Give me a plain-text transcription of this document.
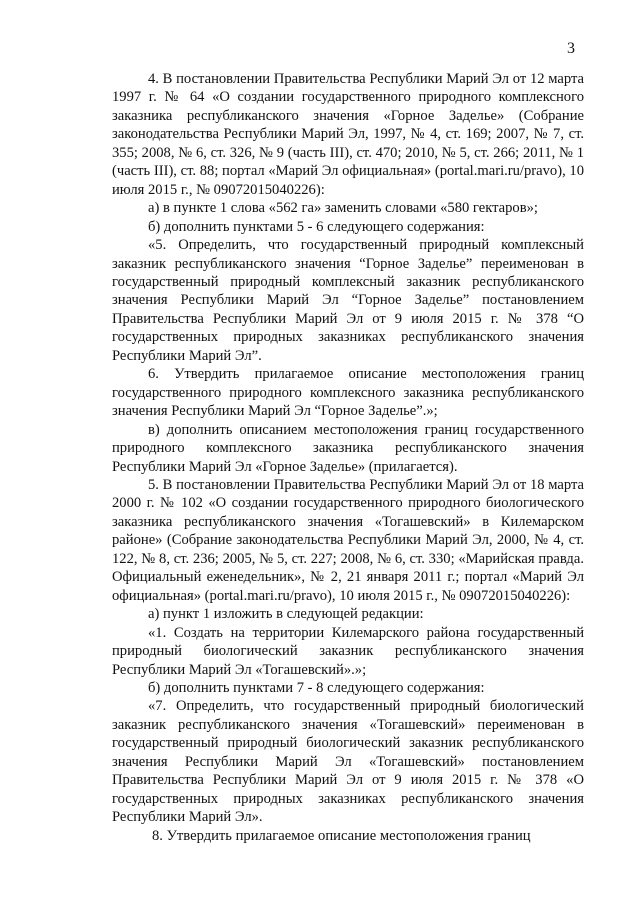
3

4. В постановлении Правительства Республики Марий Эл от 12 марта 1997 г. № 64 «О создании государственного природного комплексного заказника республиканского значения «Горное Заделье» (Собрание законодательства Республики Марий Эл, 1997, № 4, ст. 169; 2007, № 7, ст. 355; 2008, № 6, ст. 326, № 9 (часть III), ст. 470; 2010, № 5, ст. 266; 2011, № 1 (часть III), ст. 88; портал «Марий Эл официальная» (portal.mari.ru/pravo), 10 июля 2015 г., № 09072015040226):

а) в пункте 1 слова «562 га» заменить словами «580 гектаров»;

б) дополнить пунктами 5 - 6 следующего содержания:

«5. Определить, что государственный природный комплексный заказник республиканского значения “Горное Заделье” переименован в государственный природный комплексный заказник республиканского значения Республики Марий Эл “Горное Заделье” постановлением Правительства Республики Марий Эл от 9 июля 2015 г. № 378 “О государственных природных заказниках республиканского значения Республики Марий Эл”.

6. Утвердить прилагаемое описание местоположения границ государственного природного комплексного заказника республиканского значения Республики Марий Эл “Горное Заделье”.»;

в) дополнить описанием местоположения границ государственного природного комплексного заказника республиканского значения Республики Марий Эл «Горное Заделье» (прилагается).

5. В постановлении Правительства Республики Марий Эл от 18 марта 2000 г. № 102 «О создании государственного природного биологического заказника республиканского значения «Тогашевский» в Килемарском районе» (Собрание законодательства Республики Марий Эл, 2000, № 4, ст. 122, № 8, ст. 236; 2005, № 5, ст. 227; 2008, № 6, ст. 330; «Марийская правда. Официальный еженедельник», № 2, 21 января 2011 г.; портал «Марий Эл официальная» (portal.mari.ru/pravo), 10 июля 2015 г., № 09072015040226):

а) пункт 1 изложить в следующей редакции:

«1. Создать на территории Килемарского района государственный природный биологический заказник республиканского значения Республики Марий Эл «Тогашевский».»;

б) дополнить пунктами 7 - 8 следующего содержания:

«7. Определить, что государственный природный биологический заказник республиканского значения «Тогашевский» переименован в государственный природный биологический заказник республиканского значения Республики Марий Эл «Тогашевский» постановлением Правительства Республики Марий Эл от 9 июля 2015 г. № 378 «О государственных природных заказниках республиканского значения Республики Марий Эл».

8. Утвердить прилагаемое описание местоположения границ
